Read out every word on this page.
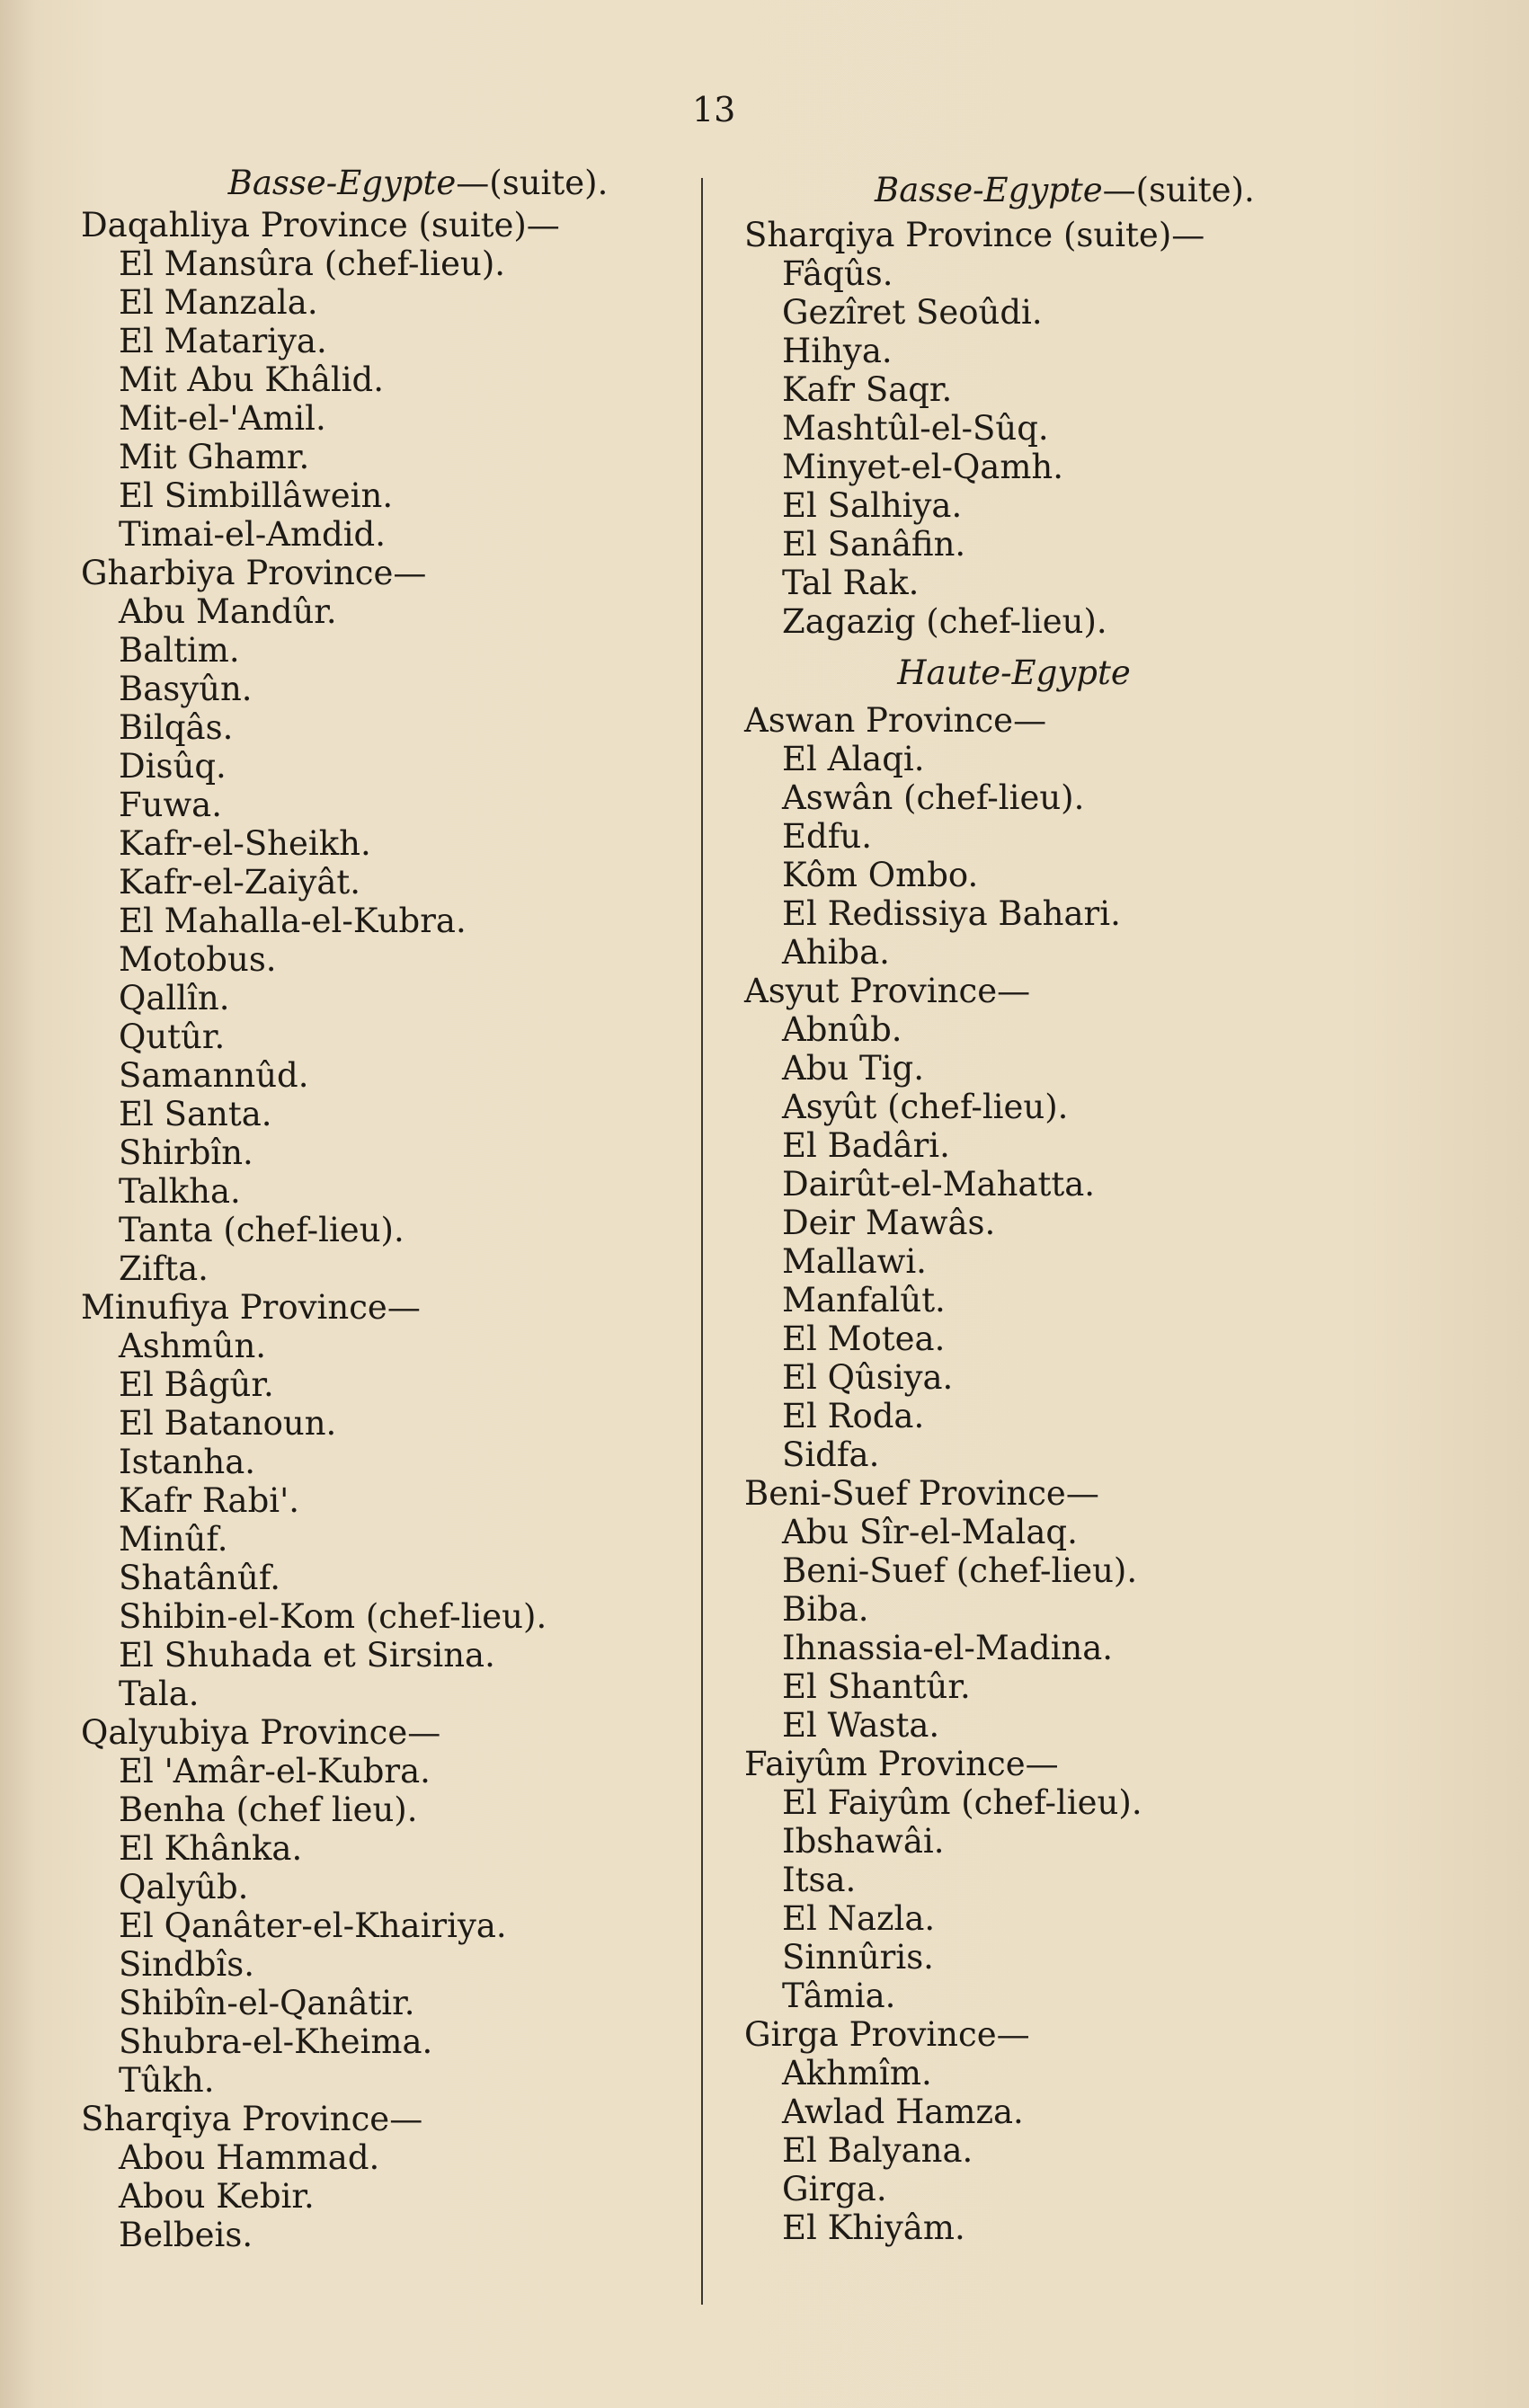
13
Basse-Egypte—(suite).
Daqahliya Province (suite)—
El Mansûra (chef-lieu).
El Manzala.
El Matariya.
Mit Abu Khâlid.
Mit-el-'Amil.
Mit Ghamr.
El Simbillâwein.
Timai-el-Amdid.
Gharbiya Province—
Abu Mandûr.
Baltim.
Basyûn.
Bilqâs.
Disûq.
Fuwa.
Kafr-el-Sheikh.
Kafr-el-Zaiyât.
El Mahalla-el-Kubra.
Motobus.
Qallîn.
Qutûr.
Samannûd.
El Santa.
Shirbîn.
Talkha.
Tanta (chef-lieu).
Zifta.
Minufiya Province—
Ashmûn.
El Bâgûr.
El Batanoun.
Istanha.
Kafr Rabi'.
Minûf.
Shatânûf.
Shibin-el-Kom (chef-lieu).
El Shuhada et Sirsina.
Tala.
Qalyubiya Province—
El 'Amâr-el-Kubra.
Benha (chef lieu).
El Khânka.
Qalyûb.
El Qanâter-el-Khairiya.
Sindbîs.
Shibîn-el-Qanâtir.
Shubra-el-Kheima.
Tûkh.
Sharqiya Province—
Abou Hammad.
Abou Kebir.
Belbeis.
Basse-Egypte—(suite).
Sharqiya Province (suite)—
Fâqûs.
Gezîret Seoûdi.
Hihya.
Kafr Saqr.
Mashtûl-el-Sûq.
Minyet-el-Qamh.
El Salhiya.
El Sanâfin.
Tal Rak.
Zagazig (chef-lieu).
Haute-Egypte
Aswan Province—
El Alaqi.
Aswân (chef-lieu).
Edfu.
Kôm Ombo.
El Redissiya Bahari.
Ahiba.
Asyut Province—
Abnûb.
Abu Tig.
Asyût (chef-lieu).
El Badâri.
Dairût-el-Mahatta.
Deir Mawâs.
Mallawi.
Manfalût.
El Motea.
El Qûsiya.
El Roda.
Sidfa.
Beni-Suef Province—
Abu Sîr-el-Malaq.
Beni-Suef (chef-lieu).
Biba.
Ihnassia-el-Madina.
El Shantûr.
El Wasta.
Faiyûm Province—
El Faiyûm (chef-lieu).
Ibshawâi.
Itsa.
El Nazla.
Sinnûris.
Tâmia.
Girga Province—
Akhmîm.
Awlad Hamza.
El Balyana.
Girga.
El Khiyâm.
